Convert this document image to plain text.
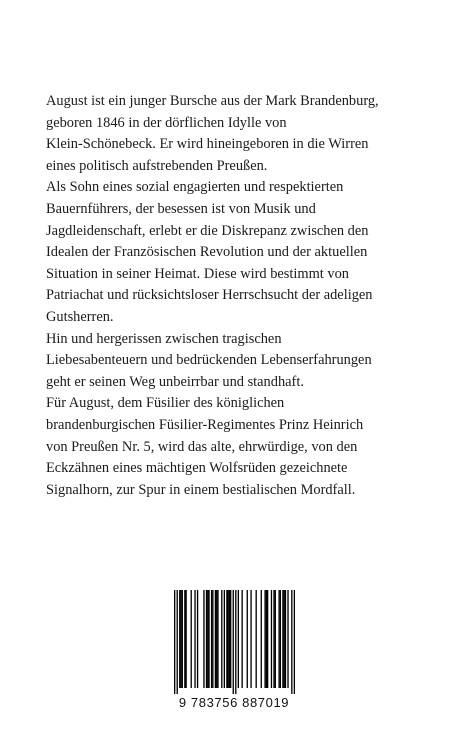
August ist ein junger Bursche aus der Mark Brandenburg,
geboren 1846 in der dörflichen Idylle von
Klein-Schönebeck. Er wird hineingeboren in die Wirren
eines politisch aufstrebenden Preußen.
Als Sohn eines sozial engagierten und respektierten
Bauernführers, der besessen ist von Musik und
Jagdleidenschaft, erlebt er die Diskrepanz zwischen den
Idealen der Französischen Revolution und der aktuellen
Situation in seiner Heimat. Diese wird bestimmt von
Patriachat und rücksichtsloser Herrschsucht der adeligen
Gutsherren.
Hin und hergerissen zwischen tragischen
Liebesabenteuern und bedrückenden Lebenserfahrungen
geht er seinen Weg unbeirrbar und standhaft.
Für August, dem Füsilier des königlichen
brandenburgischen Füsilier-Regimentes Prinz Heinrich
von Preußen Nr. 5, wird das alte, ehrwürdige, von den
Eckzähnen eines mächtigen Wolfsrüden gezeichnete
Signalhorn, zur Spur in einem bestialischen Mordfall.
9 783756 887019
